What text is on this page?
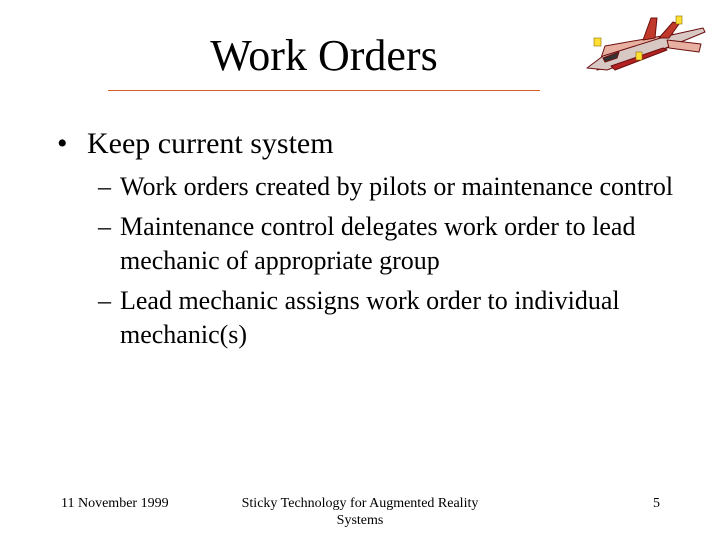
Work Orders
• Keep current system
– Work orders created by pilots or maintenance control
– Maintenance control delegates work order to lead mechanic of appropriate group
– Lead mechanic assigns work order to individual mechanic(s)
11 November 1999	Sticky Technology for Augmented Reality Systems
5
